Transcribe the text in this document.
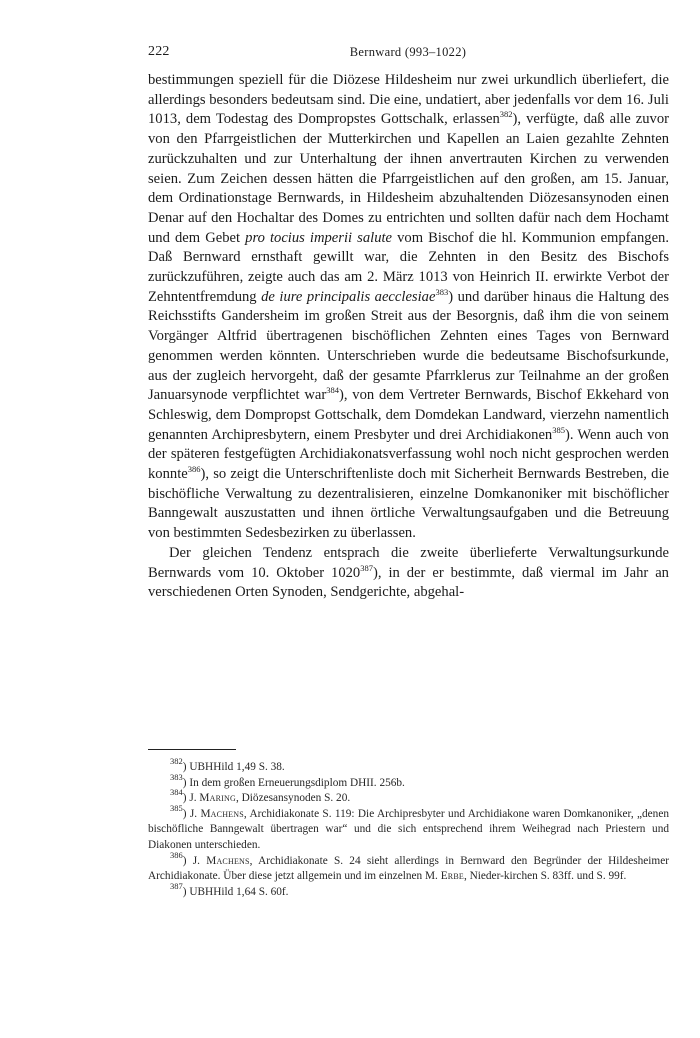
222	Bernward (993–1022)

bestimmungen speziell für die Diözese Hildesheim nur zwei urkundlich überliefert, die allerdings besonders bedeutsam sind. Die eine, undatiert, aber jedenfalls vor dem 16. Juli 1013, dem Todestag des Dompropstes Gottschalk, erlassen$^{382}$), verfügte, daß alle zuvor von den Pfarrgeistlichen der Mutterkirchen und Kapellen an Laien gezahlte Zehnten zurückzuhalten und zur Unterhaltung der ihnen anvertrauten Kirchen zu verwenden seien. Zum Zeichen dessen hätten die Pfarrgeistlichen auf den großen, am 15. Januar, dem Ordinationstage Bernwards, in Hildesheim abzuhaltenden Diözesansynoden einen Denar auf den Hochaltar des Domes zu entrichten und sollten dafür nach dem Hochamt und dem Gebet pro tocius imperii salute vom Bischof die hl. Kommunion empfangen. Daß Bernward ernsthaft gewillt war, die Zehnten in den Besitz des Bischofs zurückzuführen, zeigte auch das am 2. März 1013 von Heinrich II. erwirkte Verbot der Zehntentfremdung de iure principalis aecclesiae$^{383}$) und darüber hinaus die Haltung des Reichsstifts Gandersheim im großen Streit aus der Besorgnis, daß ihm die von seinem Vorgänger Altfrid übertragenen bischöflichen Zehnten eines Tages von Bernward genommen werden könnten. Unterschrieben wurde die bedeutsame Bischofsurkunde, aus der zugleich hervorgeht, daß der gesamte Pfarrklerus zur Teilnahme an der großen Januarsynode verpflichtet war$^{384}$), von dem Vertreter Bernwards, Bischof Ekkehard von Schleswig, dem Dompropst Gottschalk, dem Domdekan Landward, vierzehn namentlich genannten Archipresbytern, einem Presbyter und drei Archidiakonen$^{385}$). Wenn auch von der späteren festgefügten Archidiakonatsverfassung wohl noch nicht gesprochen werden konnte$^{386}$), so zeigt die Unterschriftenliste doch mit Sicherheit Bernwards Bestreben, die bischöfliche Verwaltung zu dezentralisieren, einzelne Domkanoniker mit bischöflicher Banngewalt auszustatten und ihnen örtliche Verwaltungsaufgaben und die Betreuung von bestimmten Sedesbezirken zu überlassen.

Der gleichen Tendenz entsprach die zweite überlieferte Verwaltungsurkunde Bernwards vom 10. Oktober 1020$^{387}$), in der er bestimmte, daß viermal im Jahr an verschiedenen Orten Synoden, Sendgerichte, abgehal-

$^{382}$) UBHHild 1,49 S. 38.

$^{383}$) In dem großen Erneuerungsdiplom DHII. 256b.

$^{384}$) J. Maring, Diözesansynoden S. 20.

$^{385}$) J. Machens, Archidiakonate S. 119: Die Archipresbyter und Archidiakone waren Domkanoniker, „denen bischöfliche Banngewalt übertragen war“ und die sich entsprechend ihrem Weihegrad nach Priestern und Diakonen unterschieden.

$^{386}$) J. Machens, Archidiakonate S. 24 sieht allerdings in Bernward den Begründer der Hildesheimer Archidiakonate. Über diese jetzt allgemein und im einzelnen M. Erbe, Nieder-kirchen S. 83ff. und S. 99f.

$^{387}$) UBHHild 1,64 S. 60f.
